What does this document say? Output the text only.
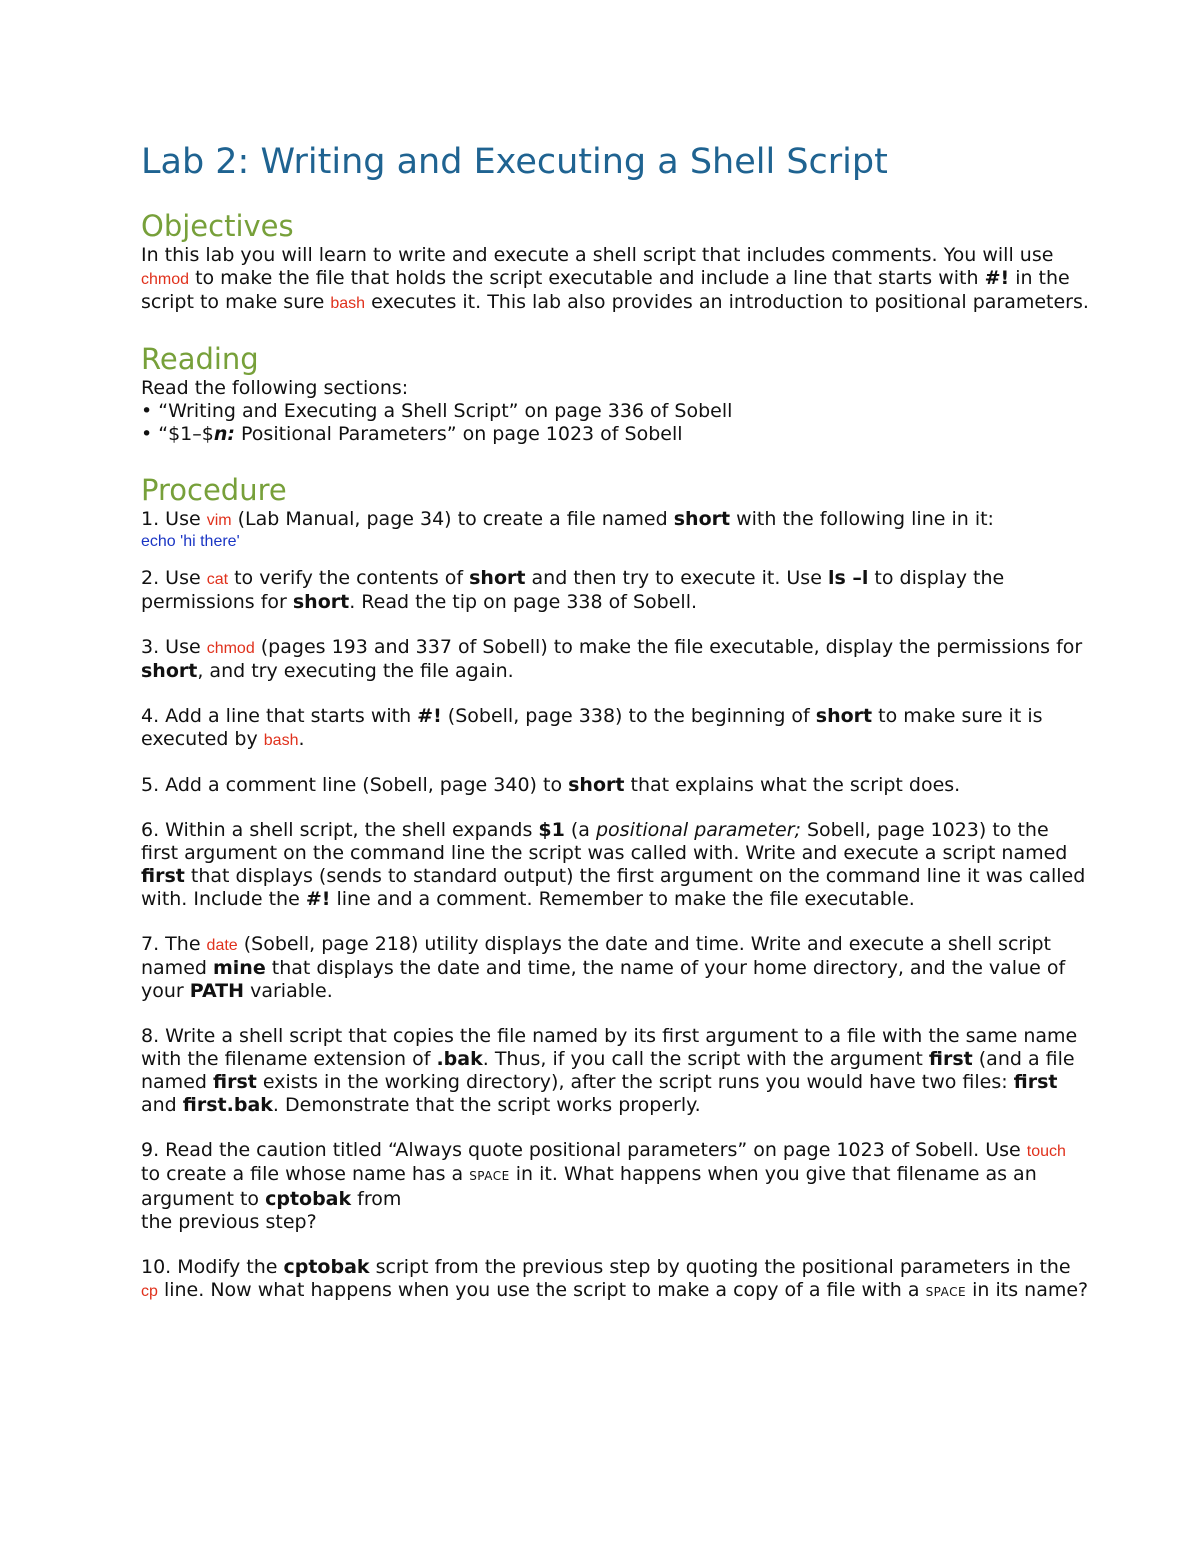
Lab 2: Writing and Executing a Shell Script
Objectives

In this lab you will learn to write and execute a shell script that includes comments. You will use chmod to make the file that holds the script executable and include a line that starts with #! in the script to make sure bash executes it. This lab also provides an introduction to positional parameters.

Reading

Read the following sections:

• “Writing and Executing a Shell Script” on page 336 of Sobell
• “$1–$n: Positional Parameters” on page 1023 of Sobell
Procedure
1. Use vim (Lab Manual, page 34) to create a file named short with the following line in it:
echo 'hi there'
2. Use cat to verify the contents of short and then try to execute it. Use ls –l to display the permissions for short. Read the tip on page 338 of Sobell.
3. Use chmod (pages 193 and 337 of Sobell) to make the file executable, display the permissions for short, and try executing the file again.
4. Add a line that starts with #! (Sobell, page 338) to the beginning of short to make sure it is executed by bash.
5. Add a comment line (Sobell, page 340) to short that explains what the script does.
6. Within a shell script, the shell expands $1 (a positional parameter; Sobell, page 1023) to the first argument on the command line the script was called with. Write and execute a script named first that displays (sends to standard output) the first argument on the command line it was called with. Include the #! line and a comment. Remember to make the file executable.
7. The date (Sobell, page 218) utility displays the date and time. Write and execute a shell script named mine that displays the date and time, the name of your home directory, and the value of your PATH variable.
8. Write a shell script that copies the file named by its first argument to a file with the same name with the filename extension of .bak. Thus, if you call the script with the argument first (and a file named first exists in the working directory), after the script runs you would have two files: first and first.bak. Demonstrate that the script works properly.
9. Read the caution titled “Always quote positional parameters” on page 1023 of Sobell. Use touch to create a file whose name has a SPACE in it. What happens when you give that filename as an argument to cptobak from
the previous step?
10. Modify the cptobak script from the previous step by quoting the positional parameters in the cp line. Now what happens when you use the script to make a copy of a file with a SPACE in its name?
